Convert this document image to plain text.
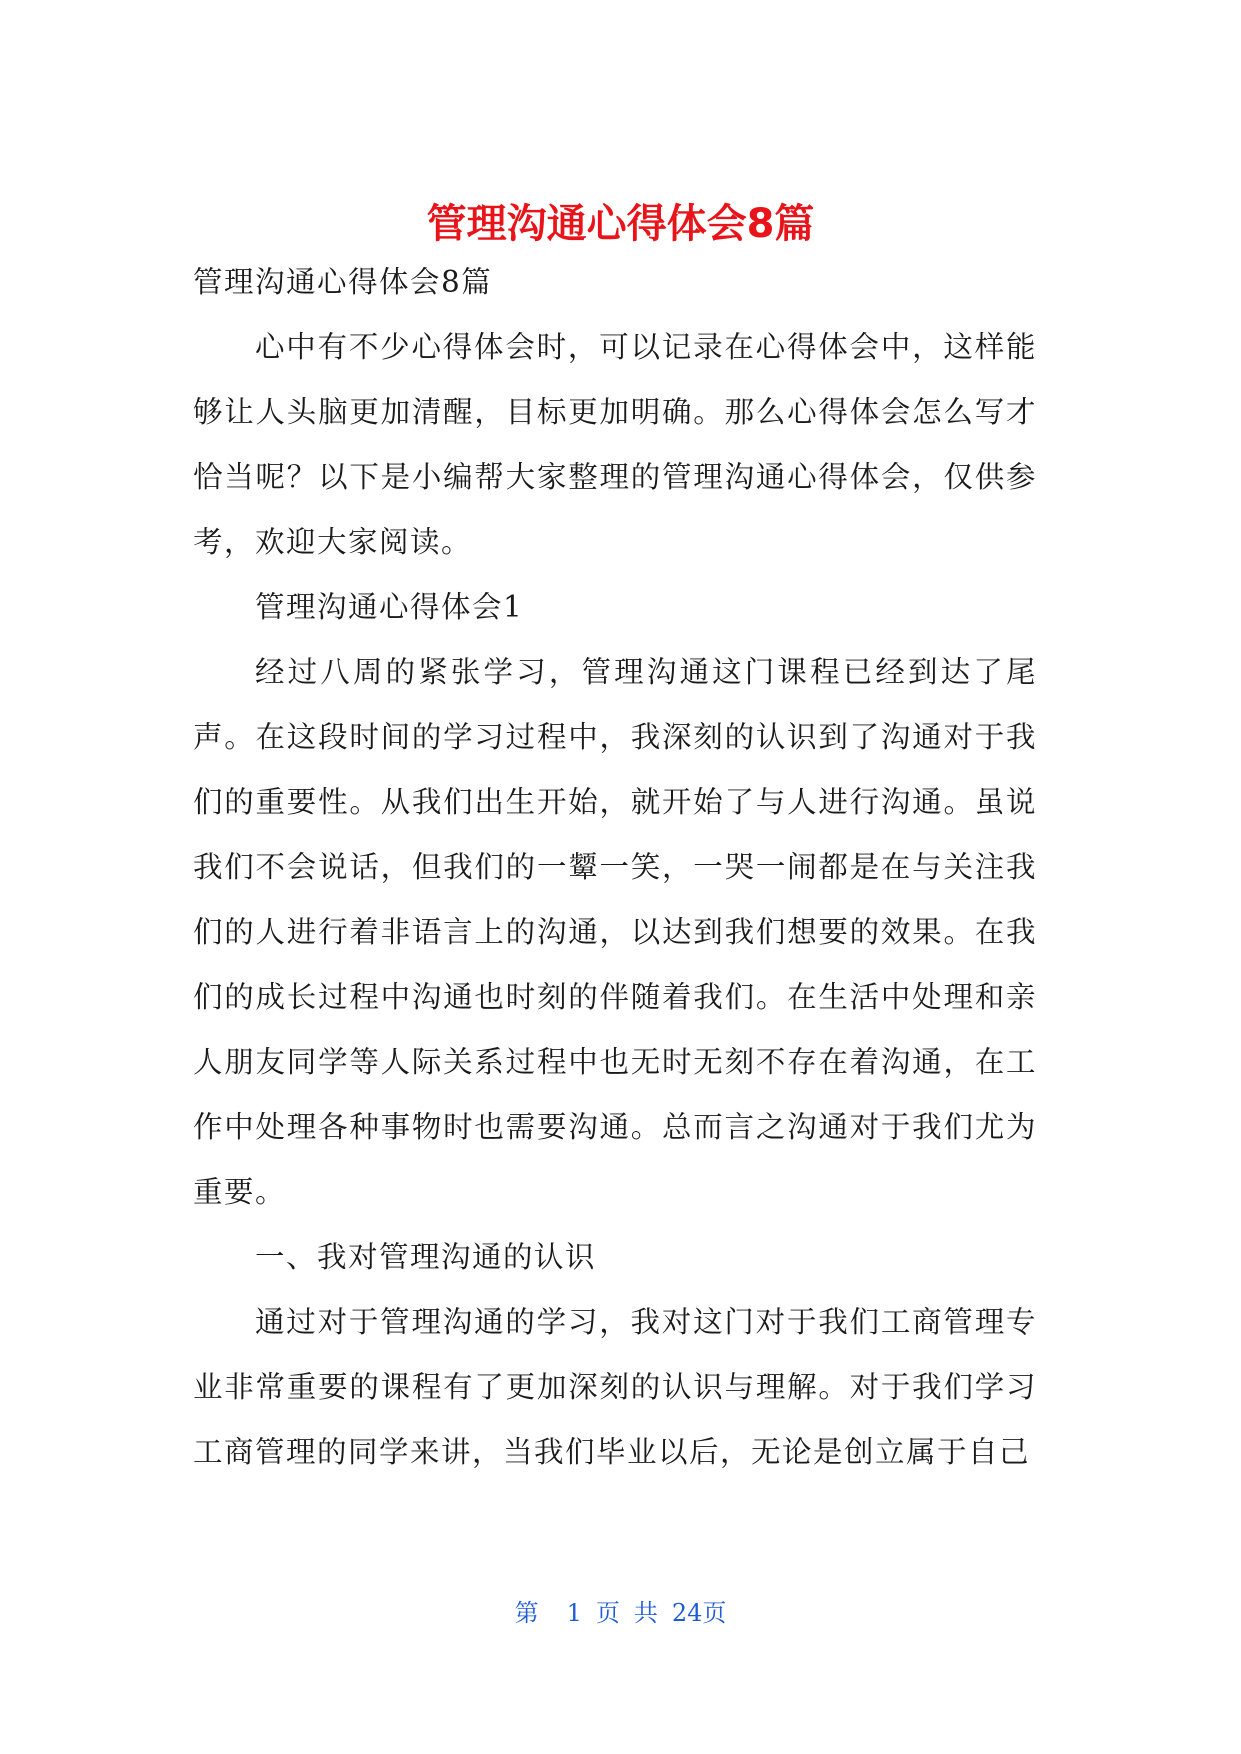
管理沟通心得体会8篇

管理沟通心得体会8篇

心中有不少心得体会时，可以记录在心得体会中，这样能够让人头脑更加清醒，目标更加明确。那么心得体会怎么写才恰当呢？以下是小编帮大家整理的管理沟通心得体会，仅供参考，欢迎大家阅读。

管理沟通心得体会1

经过八周的紧张学习，管理沟通这门课程已经到达了尾声。在这段时间的学习过程中，我深刻的认识到了沟通对于我们的重要性。从我们出生开始，就开始了与人进行沟通。虽说我们不会说话，但我们的一颦一笑，一哭一闹都是在与关注我们的人进行着非语言上的沟通，以达到我们想要的效果。在我们的成长过程中沟通也时刻的伴随着我们。在生活中处理和亲人朋友同学等人际关系过程中也无时无刻不存在着沟通，在工作中处理各种事物时也需要沟通。总而言之沟通对于我们尤为重要。

一、我对管理沟通的认识

通过对于管理沟通的学习，我对这门对于我们工商管理专业非常重要的课程有了更加深刻的认识与理解。对于我们学习工商管理的同学来讲，当我们毕业以后，无论是创立属于自己

第 1 页 共 24页
